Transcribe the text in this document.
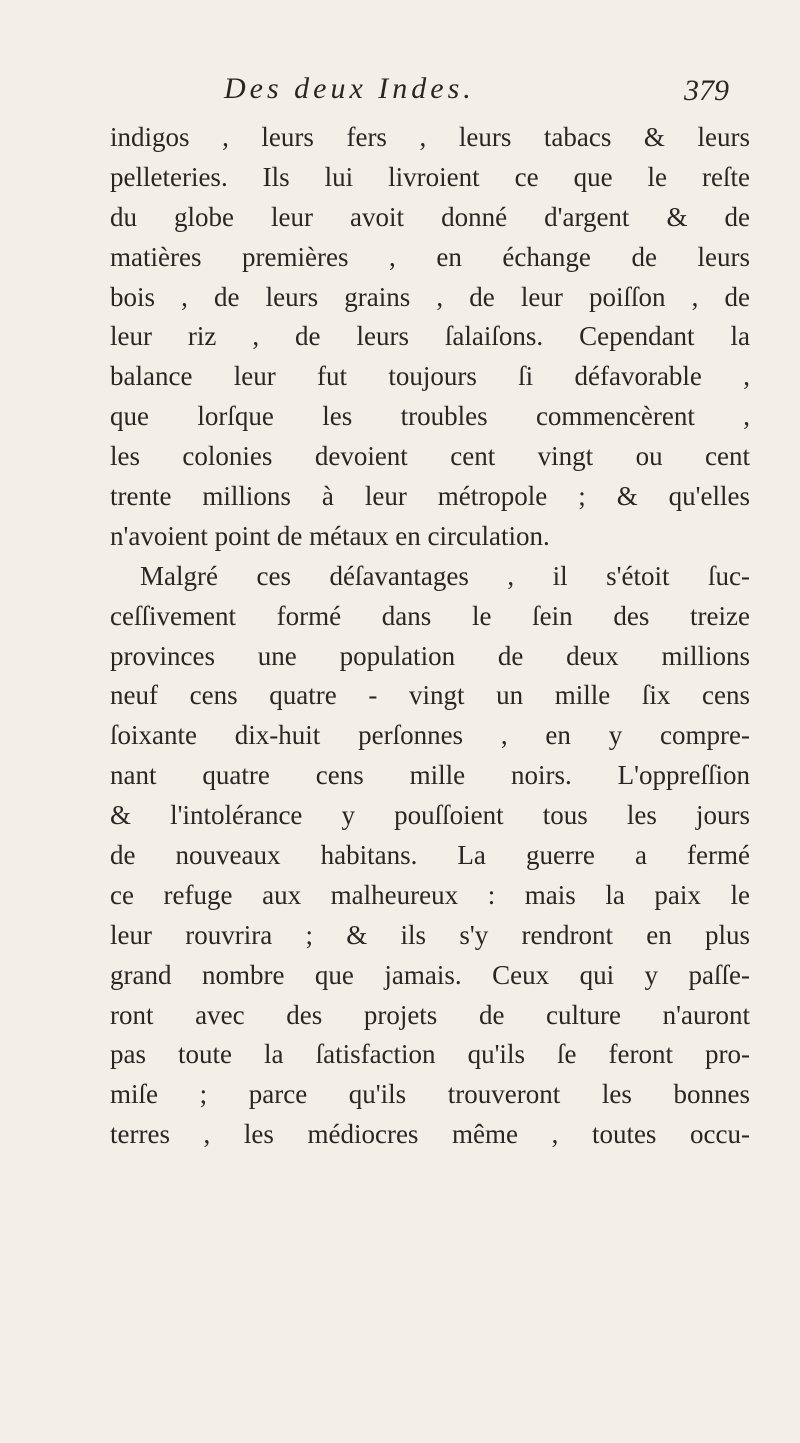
Des deux Indes.	379
indigos , leurs fers , leurs tabacs & leurs
pelleteries. Ils lui livroient ce que le reſte
du globe leur avoit donné d'argent & de
matières premières , en échange de leurs
bois , de leurs grains , de leur poiſſon , de
leur riz , de leurs ſalaiſons. Cependant la
balance leur fut toujours ſi défavorable ,
que lorſque les troubles commencèrent ,
les colonies devoient cent vingt ou cent
trente millions à leur métropole ; & qu'elles
n'avoient point de métaux en circulation.
Malgré ces déſavantages , il s'étoit ſuc-
ceſſivement formé dans le ſein des treize
provinces une population de deux millions
neuf cens quatre - vingt un mille ſix cens
ſoixante dix-huit perſonnes , en y compre-
nant quatre cens mille noirs. L'oppreſſion
& l'intolérance y pouſſoient tous les jours
de nouveaux habitans. La guerre a fermé
ce refuge aux malheureux : mais la paix le
leur rouvrira ; & ils s'y rendront en plus
grand nombre que jamais. Ceux qui y paſſe-
ront avec des projets de culture n'auront
pas toute la ſatisfaction qu'ils ſe feront pro-
miſe ; parce qu'ils trouveront les bonnes
terres , les médiocres même , toutes occu-
